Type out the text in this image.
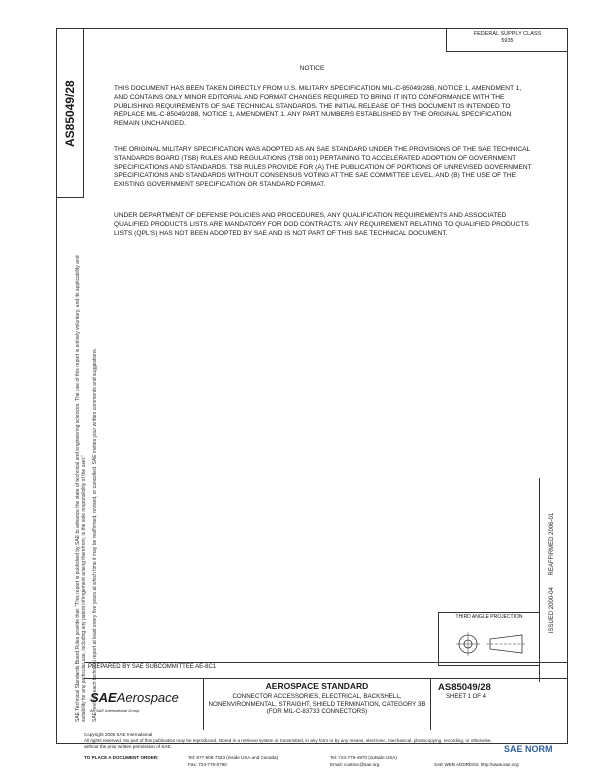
FEDERAL SUPPLY CLASS
5935
AS85049/28
NOTICE
THIS DOCUMENT HAS BEEN TAKEN DIRECTLY FROM U.S. MILITARY SPECIFICATION MIL-C-85049/28B, NOTICE 1, AMENDMENT 1, AND CONTAINS ONLY MINOR EDITORIAL AND FORMAT CHANGES REQUIRED TO BRING IT INTO CONFORMANCE WITH THE PUBLISHING REQUIREMENTS OF SAE TECHNICAL STANDARDS. THE INITIAL RELEASE OF THIS DOCUMENT IS INTENDED TO REPLACE MIL-C-85049/28B, NOTICE 1, AMENDMENT 1. ANY PART NUMBERS ESTABLISHED BY THE ORIGINAL SPECIFICATION REMAIN UNCHANGED.
THE ORIGINAL MILITARY SPECIFICATION WAS ADOPTED AS AN SAE STANDARD UNDER THE PROVISIONS OF THE SAE TECHNICAL STANDARDS BOARD (TSB) RULES AND REGULATIONS (TSB 001) PERTAINING TO ACCELERATED ADOPTION OF GOVERNMENT SPECIFICATIONS AND STANDARDS. TSB RULES PROVIDE FOR (A) THE PUBLICATION OF PORTIONS OF UNREVISED GOVERNMENT SPECIFICATIONS AND STANDARDS WITHOUT CONSENSUS VOTING AT THE SAE COMMITTEE LEVEL, AND (B) THE USE OF THE EXISTING GOVERNMENT SPECIFICATION OR STANDARD FORMAT.
UNDER DEPARTMENT OF DEFENSE POLICIES AND PROCEDURES, ANY QUALIFICATION REQUIREMENTS AND ASSOCIATED QUALIFIED PRODUCTS LISTS ARE MANDATORY FOR DOD CONTRACTS. ANY REQUIREMENT RELATING TO QUALIFIED PRODUCTS LISTS (QPL'S) HAS NOT BEEN ADOPTED BY SAE AND IS NOT PART OF THIS SAE TECHNICAL DOCUMENT.
SAE Technical Standards Board Rules provide that: "This report is published by SAE to advance the state of technical and engineering sciences. The use of this report is entirely voluntary, and its applicability and suitability for any particular use, including any patent infringement arising therefrom, is the sole responsibility of the user." SAE reviews each technical report at least every five years at which time it may be reaffirmed, revised, or cancelled. SAE invites your written comments and suggestions.	ISSUED 2000-04       REAFFIRMED 2006-01
THIRD ANGLE PROJECTION
PREPARED BY SAE SUBCOMMITTEE AE-8C1
SAEAerospace
An SAE International Group
AEROSPACE STANDARD
CONNECTOR ACCESSORIES, ELECTRICAL, BACKSHELL, NONENVIRONMENTAL, STRAIGHT, SHIELD TERMINATION, CATEGORY 3B (FOR MIL-C-83733 CONNECTORS)
AS85049/28
SHEET 1 OF 4
Copyright 2006 SAE International
All rights reserved. No part of this publication may be reproduced, stored in a retrieval system or transmitted, in any form or by any means, electronic, mechanical, photocopying, recording, or otherwise, without the prior written permission of SAE.
TO PLACE A DOCUMENT ORDER:	Tel: 877-606-7323 (inside USA and Canada)	Tel: 724-776-4970 (outside USA)
Fax: 724-776-0790	Email: custsvc@sae.org	SAE WEB ADDRESS: http://www.sae.org
SAE NORM
